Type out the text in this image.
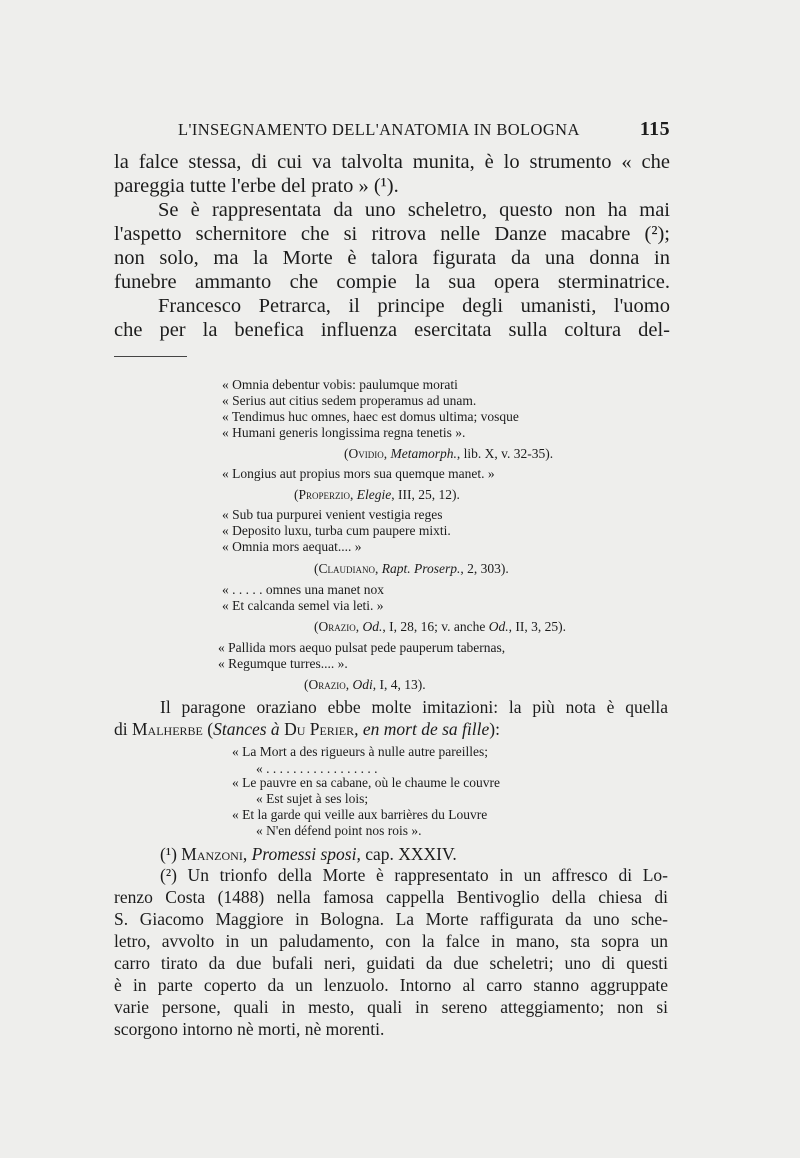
L'INSEGNAMENTO DELL'ANATOMIA IN BOLOGNA	115
la falce stessa, di cui va talvolta munita, è lo strumento « che
pareggia tutte l'erbe del prato » (¹).
Se è rappresentata da uno scheletro, questo non ha mai
l'aspetto schernitore che si ritrova nelle Danze macabre (²);
non solo, ma la Morte è talora figurata da una donna in
funebre ammanto che compie la sua opera sterminatrice.
Francesco Petrarca, il principe degli umanisti, l'uomo
che per la benefica influenza esercitata sulla coltura del-
« Omnia debentur vobis: paulumque morati
« Serius aut citius sedem properamus ad unam.
« Tendimus huc omnes, haec est domus ultima; vosque
« Humani generis longissima regna tenetis ».
(Ovidio, Metamorph., lib. X, v. 32-35).
« Longius aut propius mors sua quemque manet. »
(Properzio, Elegie, III, 25, 12).
« Sub tua purpurei venient vestigia reges
« Deposito luxu, turba cum paupere mixti.
« Omnia mors aequat.... »
(Claudiano, Rapt. Proserp., 2, 303).
« . . . . . omnes una manet nox
« Et calcanda semel via leti. »
(Orazio, Od., I, 28, 16; v. anche Od., II, 3, 25).
« Pallida mors aequo pulsat pede pauperum tabernas,
« Regumque turres.... ».
(Orazio, Odi, I, 4, 13).
Il paragone oraziano ebbe molte imitazioni: la più nota è quella
di Malherbe (Stances à Du Perier, en mort de sa fille):
« La Mort a des rigueurs à nulle autre pareilles;
« . . . . . . . . . . . . . . . . .
« Le pauvre en sa cabane, où le chaume le couvre
« Est sujet à ses lois;
« Et la garde qui veille aux barrières du Louvre
« N'en défend point nos rois ».
(¹) Manzoni, Promessi sposi, cap. XXXIV.
(²) Un trionfo della Morte è rappresentato in un affresco di Lo-
renzo Costa (1488) nella famosa cappella Bentivoglio della chiesa di
S. Giacomo Maggiore in Bologna. La Morte raffigurata da uno sche-
letro, avvolto in un paludamento, con la falce in mano, sta sopra un
carro tirato da due bufali neri, guidati da due scheletri; uno di questi
è in parte coperto da un lenzuolo. Intorno al carro stanno aggruppate
varie persone, quali in mesto, quali in sereno atteggiamento; non si
scorgono intorno nè morti, nè morenti.
